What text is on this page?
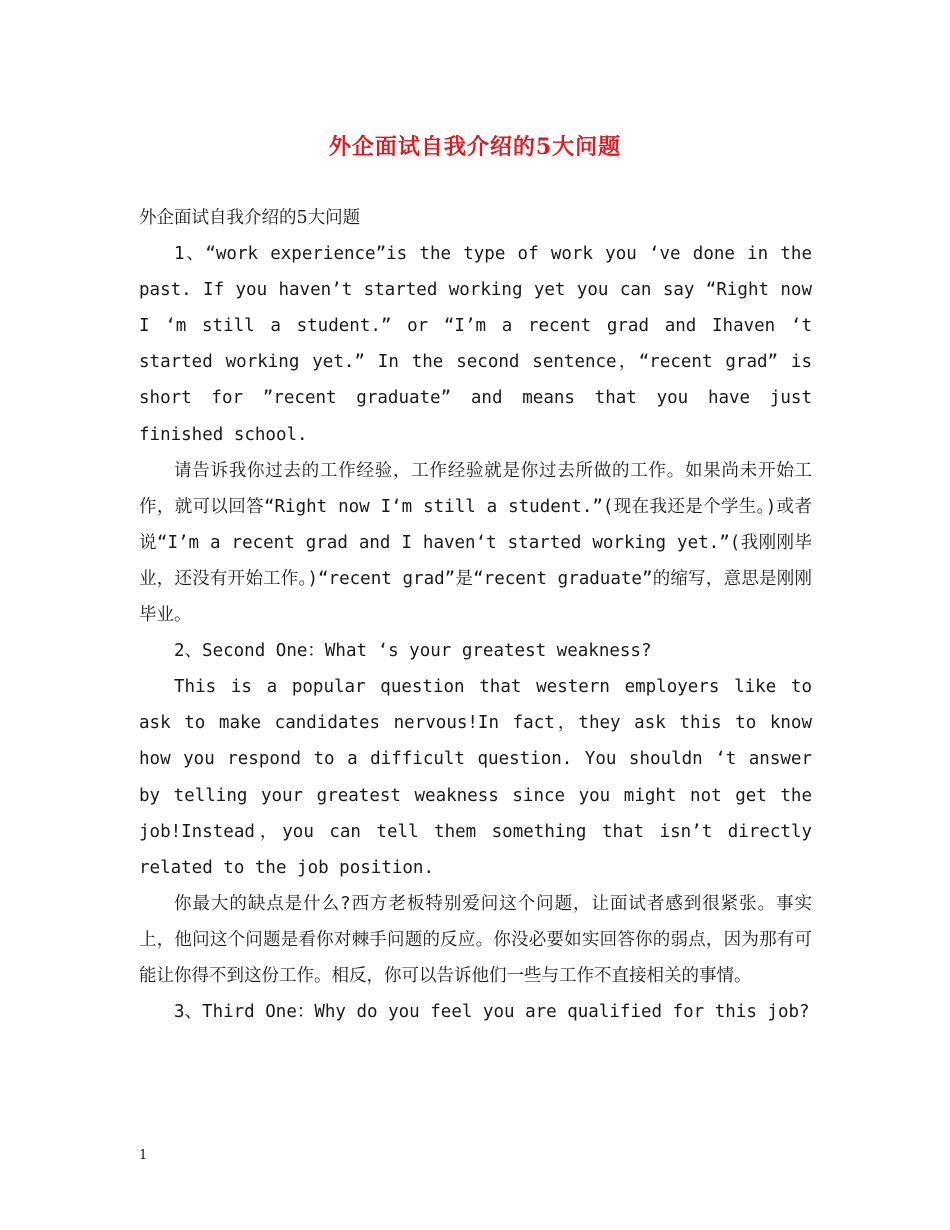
外企面试自我介绍的5大问题

外企面试自我介绍的5大问题

1、“work experience”is the type of work you ‘ve done in the past. If you haven’t started working yet you can say “Right now I ‘m still a student.” or “I’m a recent grad and Ihaven ‘t started working yet.” In the second sentence，“recent grad” is short for ”recent graduate” and means that you have just finished school.

请告诉我你过去的工作经验，工作经验就是你过去所做的工作。如果尚未开始工作，就可以回答“Right now I‘m still a student.”(现在我还是个学生。)或者说“I’m a recent grad and I haven‘t started working yet.”(我刚刚毕业，还没有开始工作。)“recent grad”是“recent graduate”的缩写，意思是刚刚毕业。

2、Second One：What ‘s your greatest weakness?

This is a popular question that western employers like to ask to make candidates nervous!In fact，they ask this to know how you respond to a difficult question. You shouldn ‘t answer by telling your greatest weakness since you might not get the job!Instead，you can tell them something that isn’t directly related to the job position.

你最大的缺点是什么?西方老板特别爱问这个问题，让面试者感到很紧张。事实上，他问这个问题是看你对棘手问题的反应。你没必要如实回答你的弱点，因为那有可能让你得不到这份工作。相反，你可以告诉他们一些与工作不直接相关的事情。

3、Third One：Why do you feel you are qualified for this job?

1
